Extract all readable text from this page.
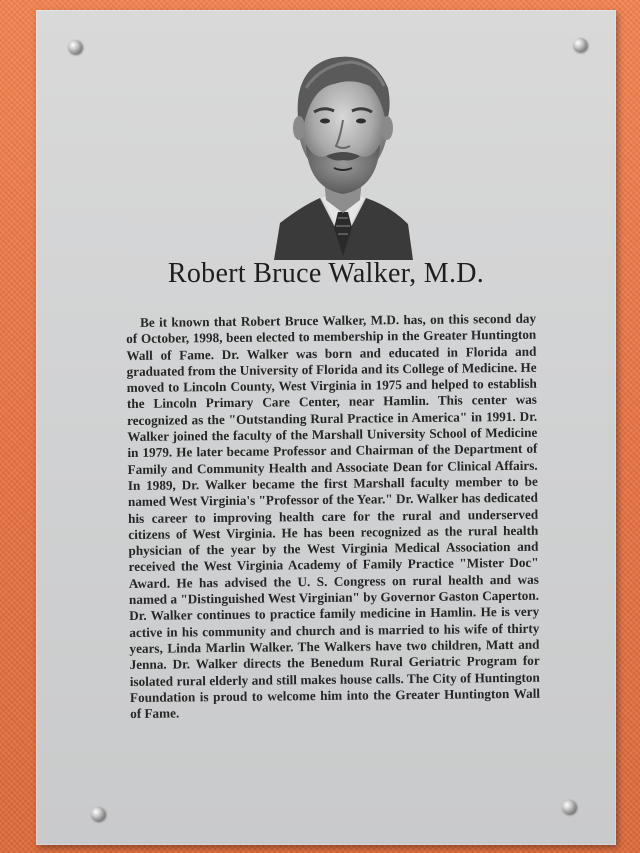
Robert Bruce Walker, M.D.
Be it known that Robert Bruce Walker, M.D. has, on this second day of October, 1998, been elected to membership in the Greater Huntington Wall of Fame. Dr. Walker was born and educated in Florida and graduated from the University of Florida and its College of Medicine. He moved to Lincoln County, West Virginia in 1975 and helped to establish the Lincoln Primary Care Center, near Hamlin. This center was recognized as the "Outstanding Rural Practice in America" in 1991. Dr. Walker joined the faculty of the Marshall University School of Medicine in 1979. He later became Professor and Chairman of the Department of Family and Community Health and Associate Dean for Clinical Affairs. In 1989, Dr. Walker became the first Marshall faculty member to be named West Virginia's "Professor of the Year." Dr. Walker has dedicated his career to improving health care for the rural and underserved citizens of West Virginia. He has been recognized as the rural health physician of the year by the West Virginia Medical Association and received the West Virginia Academy of Family Practice "Mister Doc" Award. He has advised the U. S. Congress on rural health and was named a "Distinguished West Virginian" by Governor Gaston Caperton. Dr. Walker continues to practice family medicine in Hamlin. He is very active in his community and church and is married to his wife of thirty years, Linda Marlin Walker. The Walkers have two children, Matt and Jenna. Dr. Walker directs the Benedum Rural Geriatric Program for isolated rural elderly and still makes house calls. The City of Huntington Foundation is proud to welcome him into the Greater Huntington Wall of Fame.
